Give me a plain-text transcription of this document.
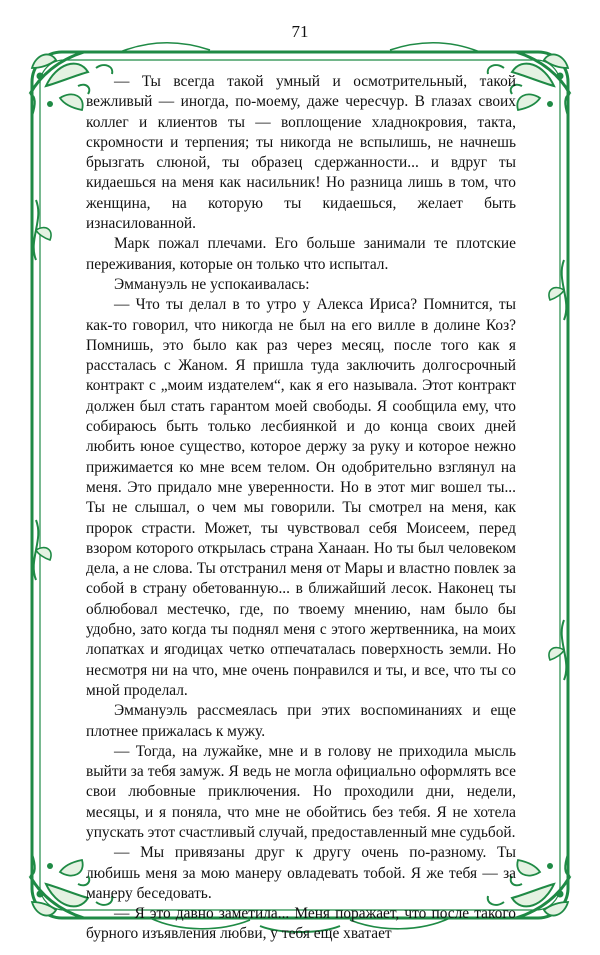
71

— Ты всегда такой умный и осмотрительный, такой вежливый — иногда, по-моему, даже чересчур. В глазах своих коллег и клиентов ты — воплощение хладнокровия, такта, скромности и терпения; ты никогда не вспылишь, не начнешь брызгать слюной, ты образец сдержанности... и вдруг ты кидаешься на меня как насильник! Но разница лишь в том, что женщина, на которую ты кидаешься, желает быть изнасилованной.

Марк пожал плечами. Его больше занимали те плотские переживания, которые он только что испытал.

Эммануэль не успокаивалась:

— Что ты делал в то утро у Алекса Ириса? Помнится, ты как-то говорил, что никогда не был на его вилле в долине Коз? Помнишь, это было как раз через месяц, после того как я рассталась с Жаном. Я пришла туда заключить долгосрочный контракт с „моим издателем“, как я его называла. Этот контракт должен был стать гарантом моей свободы. Я сообщила ему, что собираюсь быть только лесбиянкой и до конца своих дней любить юное существо, которое держу за руку и которое нежно прижимается ко мне всем телом. Он одобрительно взглянул на меня. Это придало мне уверенности. Но в этот миг вошел ты... Ты не слышал, о чем мы говорили. Ты смотрел на меня, как пророк страсти. Может, ты чувствовал себя Моисеем, перед взором которого открылась страна Ханаан. Но ты был человеком дела, а не слова. Ты отстранил меня от Мары и властно повлек за собой в страну обетованную... в ближайший лесок. Наконец ты облюбовал местечко, где, по твоему мнению, нам было бы удобно, зато когда ты поднял меня с этого жертвенника, на моих лопатках и ягодицах четко отпечаталась поверхность земли. Но несмотря ни на что, мне очень понравился и ты, и все, что ты со мной проделал.

Эммануэль рассмеялась при этих воспоминаниях и еще плотнее прижалась к мужу.

— Тогда, на лужайке, мне и в голову не приходила мысль выйти за тебя замуж. Я ведь не могла официально оформлять все свои любовные приключения. Но проходили дни, недели, месяцы, и я поняла, что мне не обойтись без тебя. Я не хотела упускать этот счастливый случай, предоставленный мне судьбой.

— Мы привязаны друг к другу очень по-разному. Ты любишь меня за мою манеру овладевать тобой. Я же тебя — за манеру беседовать.

— Я это давно заметила... Меня поражает, что после такого бурного изъявления любви, у тебя еще хватает
